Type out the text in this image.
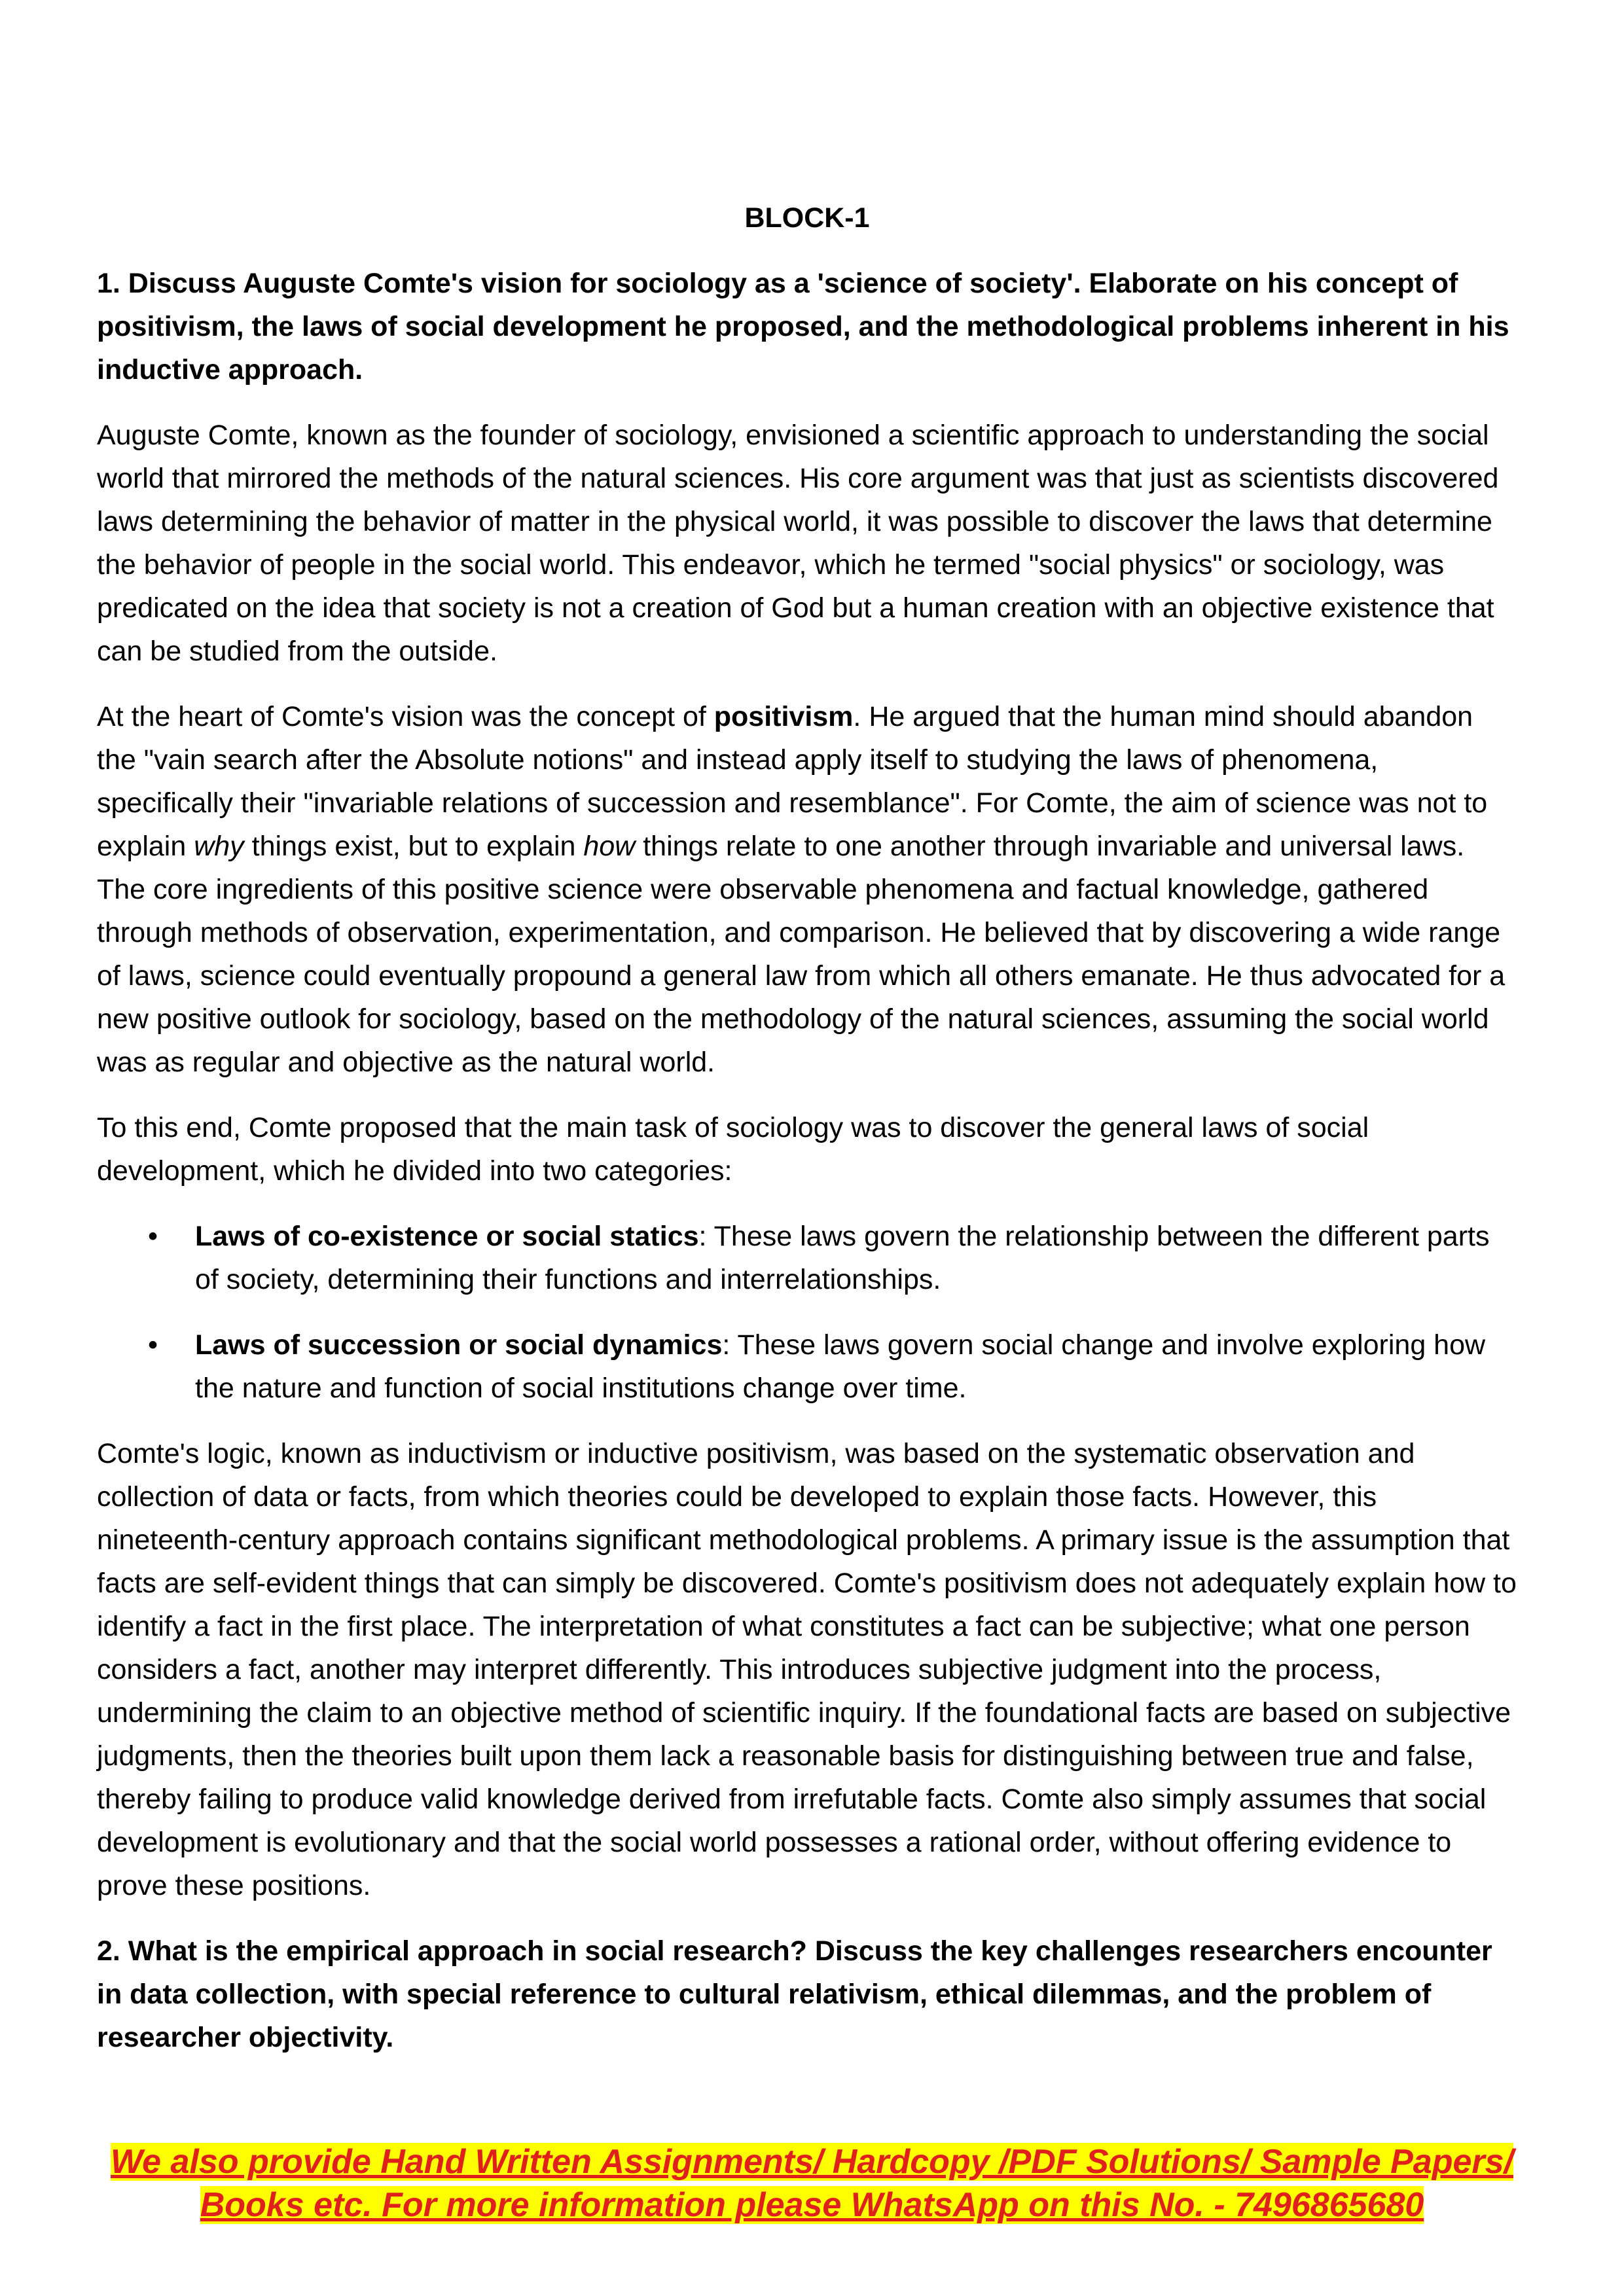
BLOCK-1
1. Discuss Auguste Comte's vision for sociology as a 'science of society'. Elaborate on his concept of positivism, the laws of social development he proposed, and the methodological problems inherent in his inductive approach.
Auguste Comte, known as the founder of sociology, envisioned a scientific approach to understanding the social world that mirrored the methods of the natural sciences. His core argument was that just as scientists discovered laws determining the behavior of matter in the physical world, it was possible to discover the laws that determine the behavior of people in the social world. This endeavor, which he termed "social physics" or sociology, was predicated on the idea that society is not a creation of God but a human creation with an objective existence that can be studied from the outside.
At the heart of Comte's vision was the concept of positivism. He argued that the human mind should abandon the "vain search after the Absolute notions" and instead apply itself to studying the laws of phenomena, specifically their "invariable relations of succession and resemblance". For Comte, the aim of science was not to explain why things exist, but to explain how things relate to one another through invariable and universal laws. The core ingredients of this positive science were observable phenomena and factual knowledge, gathered through methods of observation, experimentation, and comparison. He believed that by discovering a wide range of laws, science could eventually propound a general law from which all others emanate. He thus advocated for a new positive outlook for sociology, based on the methodology of the natural sciences, assuming the social world was as regular and objective as the natural world.
To this end, Comte proposed that the main task of sociology was to discover the general laws of social development, which he divided into two categories:
• Laws of co-existence or social statics: These laws govern the relationship between the different parts of society, determining their functions and interrelationships.
• Laws of succession or social dynamics: These laws govern social change and involve exploring how the nature and function of social institutions change over time.
Comte's logic, known as inductivism or inductive positivism, was based on the systematic observation and collection of data or facts, from which theories could be developed to explain those facts. However, this nineteenth-century approach contains significant methodological problems. A primary issue is the assumption that facts are self-evident things that can simply be discovered. Comte's positivism does not adequately explain how to identify a fact in the first place. The interpretation of what constitutes a fact can be subjective; what one person considers a fact, another may interpret differently. This introduces subjective judgment into the process, undermining the claim to an objective method of scientific inquiry. If the foundational facts are based on subjective judgments, then the theories built upon them lack a reasonable basis for distinguishing between true and false, thereby failing to produce valid knowledge derived from irrefutable facts. Comte also simply assumes that social development is evolutionary and that the social world possesses a rational order, without offering evidence to prove these positions.
2. What is the empirical approach in social research? Discuss the key challenges researchers encounter in data collection, with special reference to cultural relativism, ethical dilemmas, and the problem of researcher objectivity.
We also provide Hand Written Assignments/ Hardcopy /PDF Solutions/ Sample Papers/
Books etc. For more information please WhatsApp on this No. - 7496865680
